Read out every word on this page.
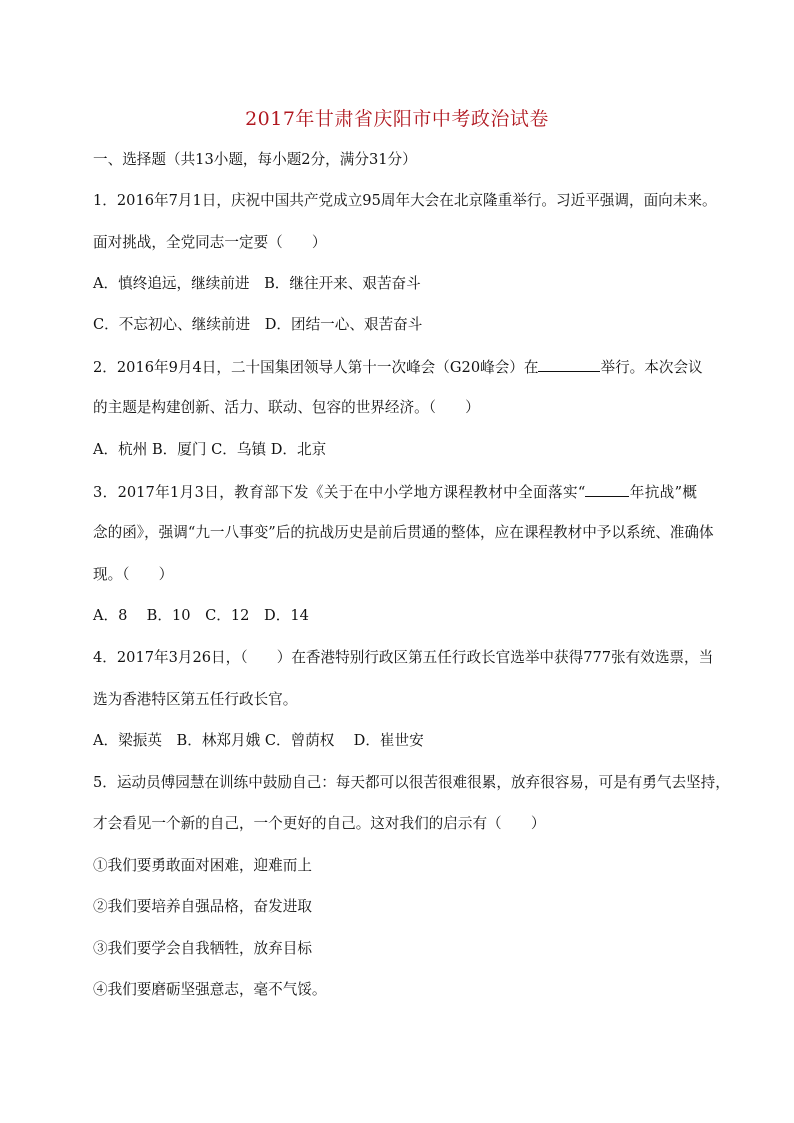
2017年甘肃省庆阳市中考政治试卷
一、选择题（共13小题，每小题2分，满分31分）
1．2016年7月1日，庆祝中国共产党成立95周年大会在北京隆重举行。习近平强调，面向未来。
面对挑战，全党同志一定要（　　）
A．慎终追远，继续前进　B．继往开来、艰苦奋斗
C．不忘初心、继续前进　D．团结一心、艰苦奋斗
2．2016年9月4日，二十国集团领导人第十一次峰会（G20峰会）在	举行。本次会议
的主题是构建创新、活力、联动、包容的世界经济。（　　）
A．杭州 B．厦门 C．乌镇 D．北京
3．2017年1月3日，教育部下发《关于在中小学地方课程教材中全面落实“	年抗战”概
念的函》，强调“九一八事变”后的抗战历史是前后贯通的整体，应在课程教材中予以系统、准确体
现。（　　）
A．8　 B．10　C．12　D．14
4．2017年3月26日，（　　）在香港特别行政区第五任行政长官选举中获得777张有效选票，当
选为香港特区第五任行政长官。
A．梁振英　B．林郑月娥 C．曾荫权　 D．崔世安
5．运动员傅园慧在训练中鼓励自己：每天都可以很苦很难很累，放弃很容易，可是有勇气去坚持，
才会看见一个新的自己，一个更好的自己。这对我们的启示有（　　）
①我们要勇敢面对困难，迎难而上
②我们要培养自强品格，奋发进取
③我们要学会自我牺牲，放弃目标
④我们要磨砺坚强意志，毫不气馁。
